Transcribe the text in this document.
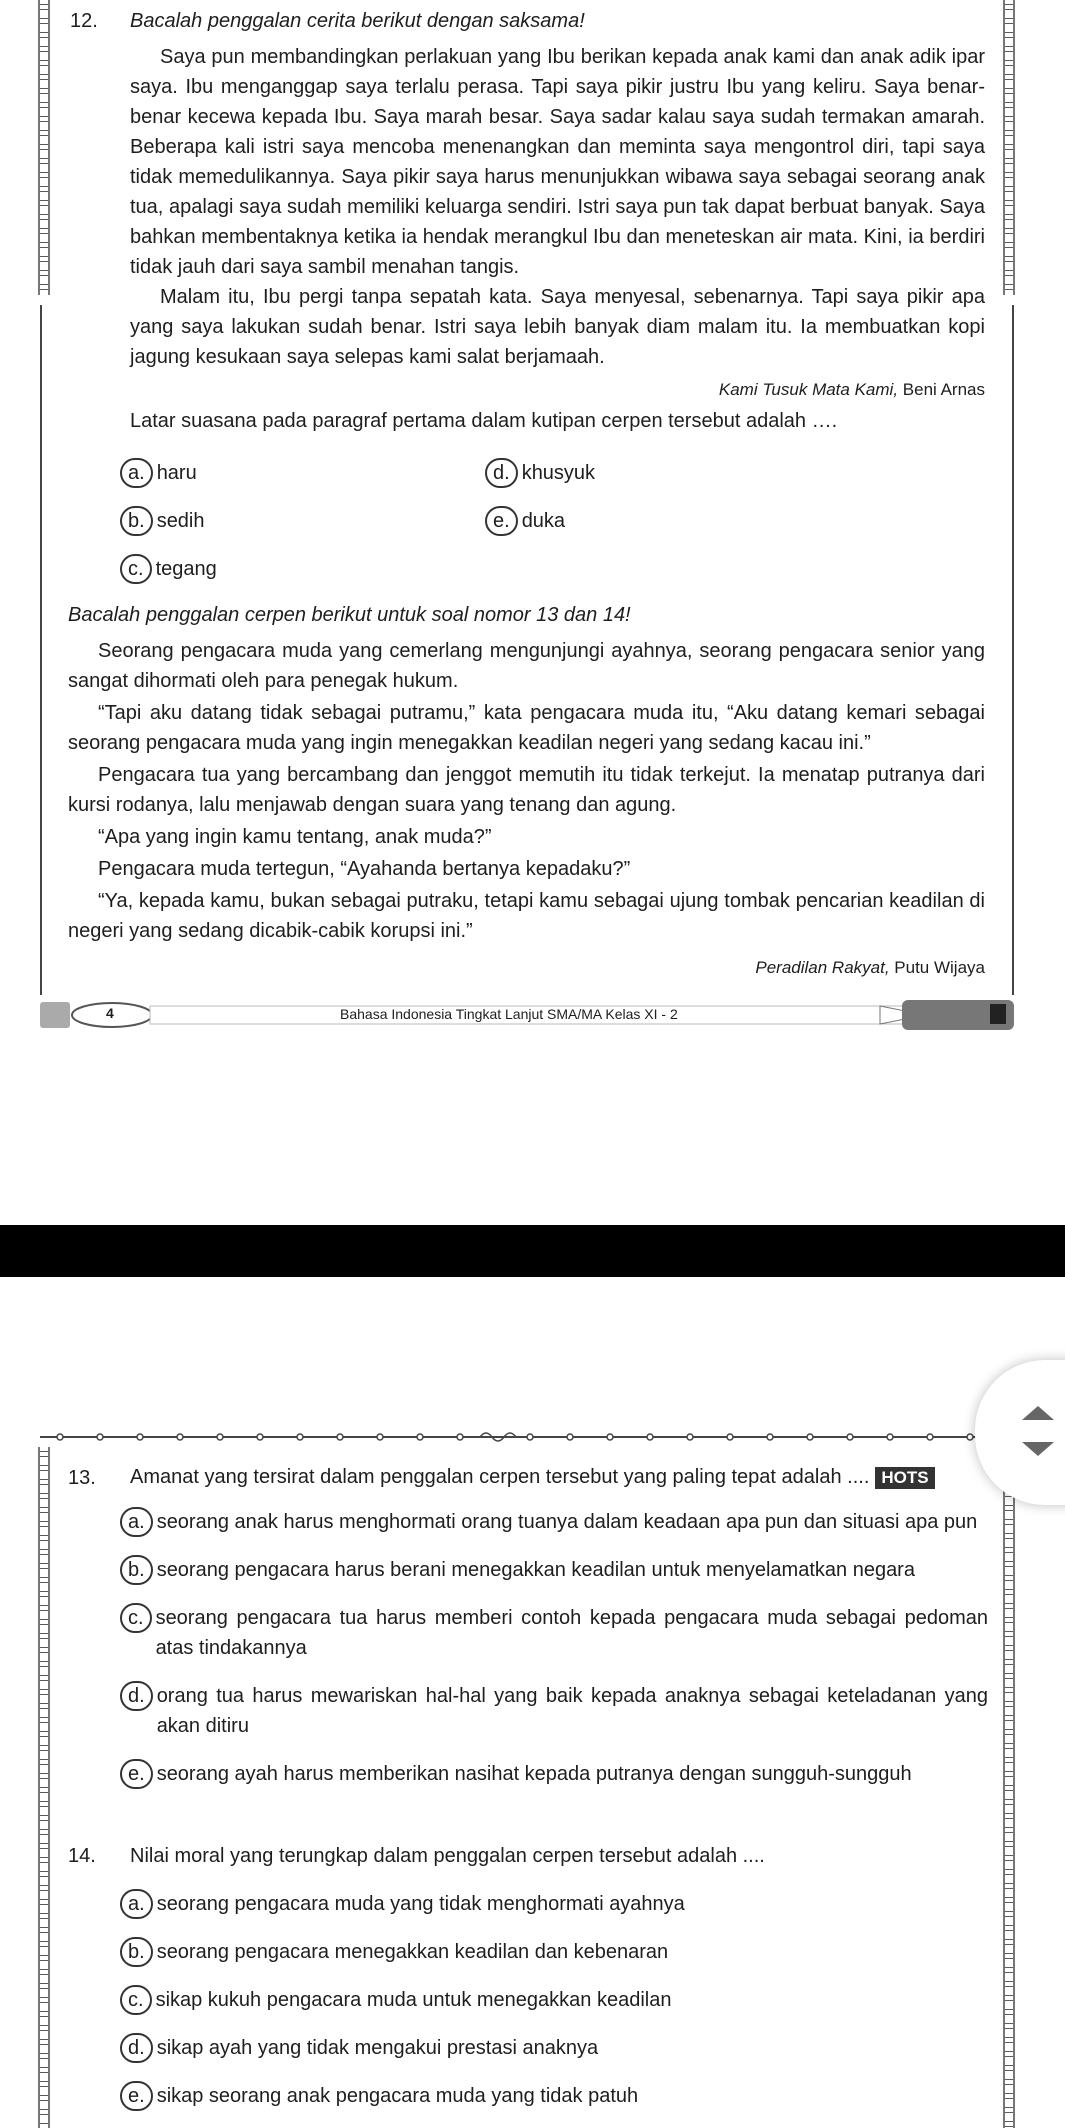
12. Bacalah penggalan cerita berikut dengan saksama!

Saya pun membandingkan perlakuan yang Ibu berikan kepada anak kami dan anak adik ipar saya. Ibu menganggap saya terlalu perasa. Tapi saya pikir justru Ibu yang keliru. Saya benar-benar kecewa kepada Ibu. Saya marah besar. Saya sadar kalau saya sudah termakan amarah. Beberapa kali istri saya mencoba menenangkan dan meminta saya mengontrol diri, tapi saya tidak memedulikannya. Saya pikir saya harus menunjukkan wibawa saya sebagai seorang anak tua, apalagi saya sudah memiliki keluarga sendiri. Istri saya pun tak dapat berbuat banyak. Saya bahkan membentaknya ketika ia hendak merangkul Ibu dan meneteskan air mata. Kini, ia berdiri tidak jauh dari saya sambil menahan tangis.

Malam itu, Ibu pergi tanpa sepatah kata. Saya menyesal, sebenarnya. Tapi saya pikir apa yang saya lakukan sudah benar. Istri saya lebih banyak diam malam itu. Ia membuatkan kopi jagung kesukaan saya selepas kami salat berjamaah.

Kami Tusuk Mata Kami, Beni Arnas
Latar suasana pada paragraf pertama dalam kutipan cerpen tersebut adalah ….
a. haru
b. sedih
c. tegang
d. khusyuk
e. duka
Bacalah penggalan cerpen berikut untuk soal nomor 13 dan 14!

Seorang pengacara muda yang cemerlang mengunjungi ayahnya, seorang pengacara senior yang sangat dihormati oleh para penegak hukum.

“Tapi aku datang tidak sebagai putramu,” kata pengacara muda itu, “Aku datang kemari sebagai seorang pengacara muda yang ingin menegakkan keadilan negeri yang sedang kacau ini.”

Pengacara tua yang bercambang dan jenggot memutih itu tidak terkejut. Ia menatap putranya dari kursi rodanya, lalu menjawab dengan suara yang tenang dan agung.

“Apa yang ingin kamu tentang, anak muda?”

Pengacara muda tertegun, “Ayahanda bertanya kepadaku?”

“Ya, kepada kamu, bukan sebagai putraku, tetapi kamu sebagai ujung tombak pencarian keadilan di negeri yang sedang dicabik-cabik korupsi ini.”

Peradilan Rakyat, Putu Wijaya
4	Bahasa Indonesia Tingkat Lanjut SMA/MA Kelas XI - 2
13. Amanat yang tersirat dalam penggalan cerpen tersebut yang paling tepat adalah .... HOTS
a. seorang anak harus menghormati orang tuanya dalam keadaan apa pun dan situasi apa pun
b. seorang pengacara harus berani menegakkan keadilan untuk menyelamatkan negara
c. seorang pengacara tua harus memberi contoh kepada pengacara muda sebagai pedoman atas tindakannya
d. orang tua harus mewariskan hal-hal yang baik kepada anaknya sebagai keteladanan yang akan ditiru
e. seorang ayah harus memberikan nasihat kepada putranya dengan sungguh-sungguh
14. Nilai moral yang terungkap dalam penggalan cerpen tersebut adalah ....
a. seorang pengacara muda yang tidak menghormati ayahnya
b. seorang pengacara menegakkan keadilan dan kebenaran
c. sikap kukuh pengacara muda untuk menegakkan keadilan
d. sikap ayah yang tidak mengakui prestasi anaknya
e. sikap seorang anak pengacara muda yang tidak patuh
